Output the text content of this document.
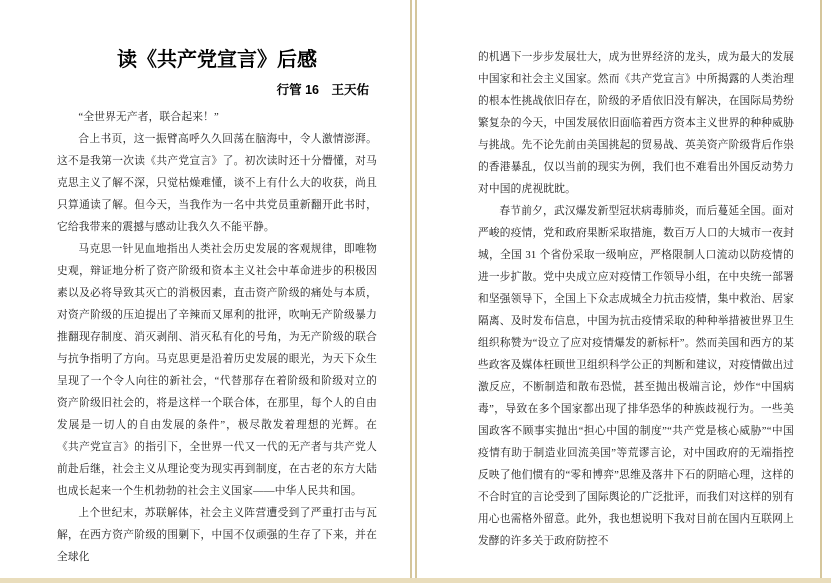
读《共产党宣言》后感
行管 16　王天佑

“全世界无产者，联合起来！”

合上书页，这一振臂高呼久久回荡在脑海中，令人激情澎湃。这不是我第一次读《共产党宣言》了。初次读时还十分懵懂，对马克思主义了解不深，只觉枯燥难懂，谈不上有什么大的收获，尚且只算通读了解。但今天，当我作为一名中共党员重新翻开此书时，它给我带来的震撼与感动让我久久不能平静。

马克思一针见血地指出人类社会历史发展的客观规律，即唯物史观，辩证地分析了资产阶级和资本主义社会中革命进步的积极因素以及必将导致其灭亡的消极因素，直击资产阶级的痛处与本质，对资产阶级的压迫提出了辛辣而又犀利的批评，吹响无产阶级暴力推翻现存制度、消灭剥削、消灭私有化的号角，为无产阶级的联合与抗争指明了方向。马克思更是沿着历史发展的眼光，为天下众生呈现了一个令人向往的新社会，“代替那存在着阶级和阶级对立的资产阶级旧社会的，将是这样一个联合体，在那里，每个人的自由发展是一切人的自由发展的条件”，极尽散发着理想的光辉。在《共产党宣言》的指引下，全世界一代又一代的无产者与共产党人前赴后继，社会主义从理论变为现实再到制度，在古老的东方大陆也成长起来一个生机勃勃的社会主义国家——中华人民共和国。

上个世纪末，苏联解体，社会主义阵营遭受到了严重打击与瓦解，在西方资产阶级的围剿下，中国不仅顽强的生存了下来，并在全球化

的机遇下一步步发展壮大，成为世界经济的龙头，成为最大的发展中国家和社会主义国家。然而《共产党宣言》中所揭露的人类治理的根本性挑战依旧存在，阶级的矛盾依旧没有解决，在国际局势纷繁复杂的今天，中国发展依旧面临着西方资本主义世界的种种威胁与挑战。先不论先前由美国挑起的贸易战、英美资产阶级背后作祟的香港暴乱，仅以当前的现实为例，我们也不难看出外国反动势力对中国的虎视眈眈。

春节前夕，武汉爆发新型冠状病毒肺炎，而后蔓延全国。面对严峻的疫情，党和政府果断采取措施，数百万人口的大城市一夜封城，全国 31 个省份采取一级响应，严格限制人口流动以防疫情的进一步扩散。党中央成立应对疫情工作领导小组，在中央统一部署和坚强领导下，全国上下众志成城全力抗击疫情，集中救治、居家隔离、及时发布信息，中国为抗击疫情采取的种种举措被世界卫生组织称赞为“设立了应对疫情爆发的新标杆”。然而美国和西方的某些政客及媒体枉顾世卫组织科学公正的判断和建议，对疫情做出过激反应，不断制造和散布恐慌，甚至抛出极端言论，炒作“中国病毒”，导致在多个国家都出现了排华恐华的种族歧视行为。一些美国政客不顾事实抛出“担心中国的制度”“共产党是核心威胁”“中国疫情有助于制造业回流美国”等荒谬言论，对中国政府的无端指控反映了他们惯有的“零和博弈”思维及落井下石的阴暗心理，这样的不合时宜的言论受到了国际舆论的广泛批评，而我们对这样的别有用心也需格外留意。此外，我也想说明下我对目前在国内互联网上发酵的许多关于政府防控不
